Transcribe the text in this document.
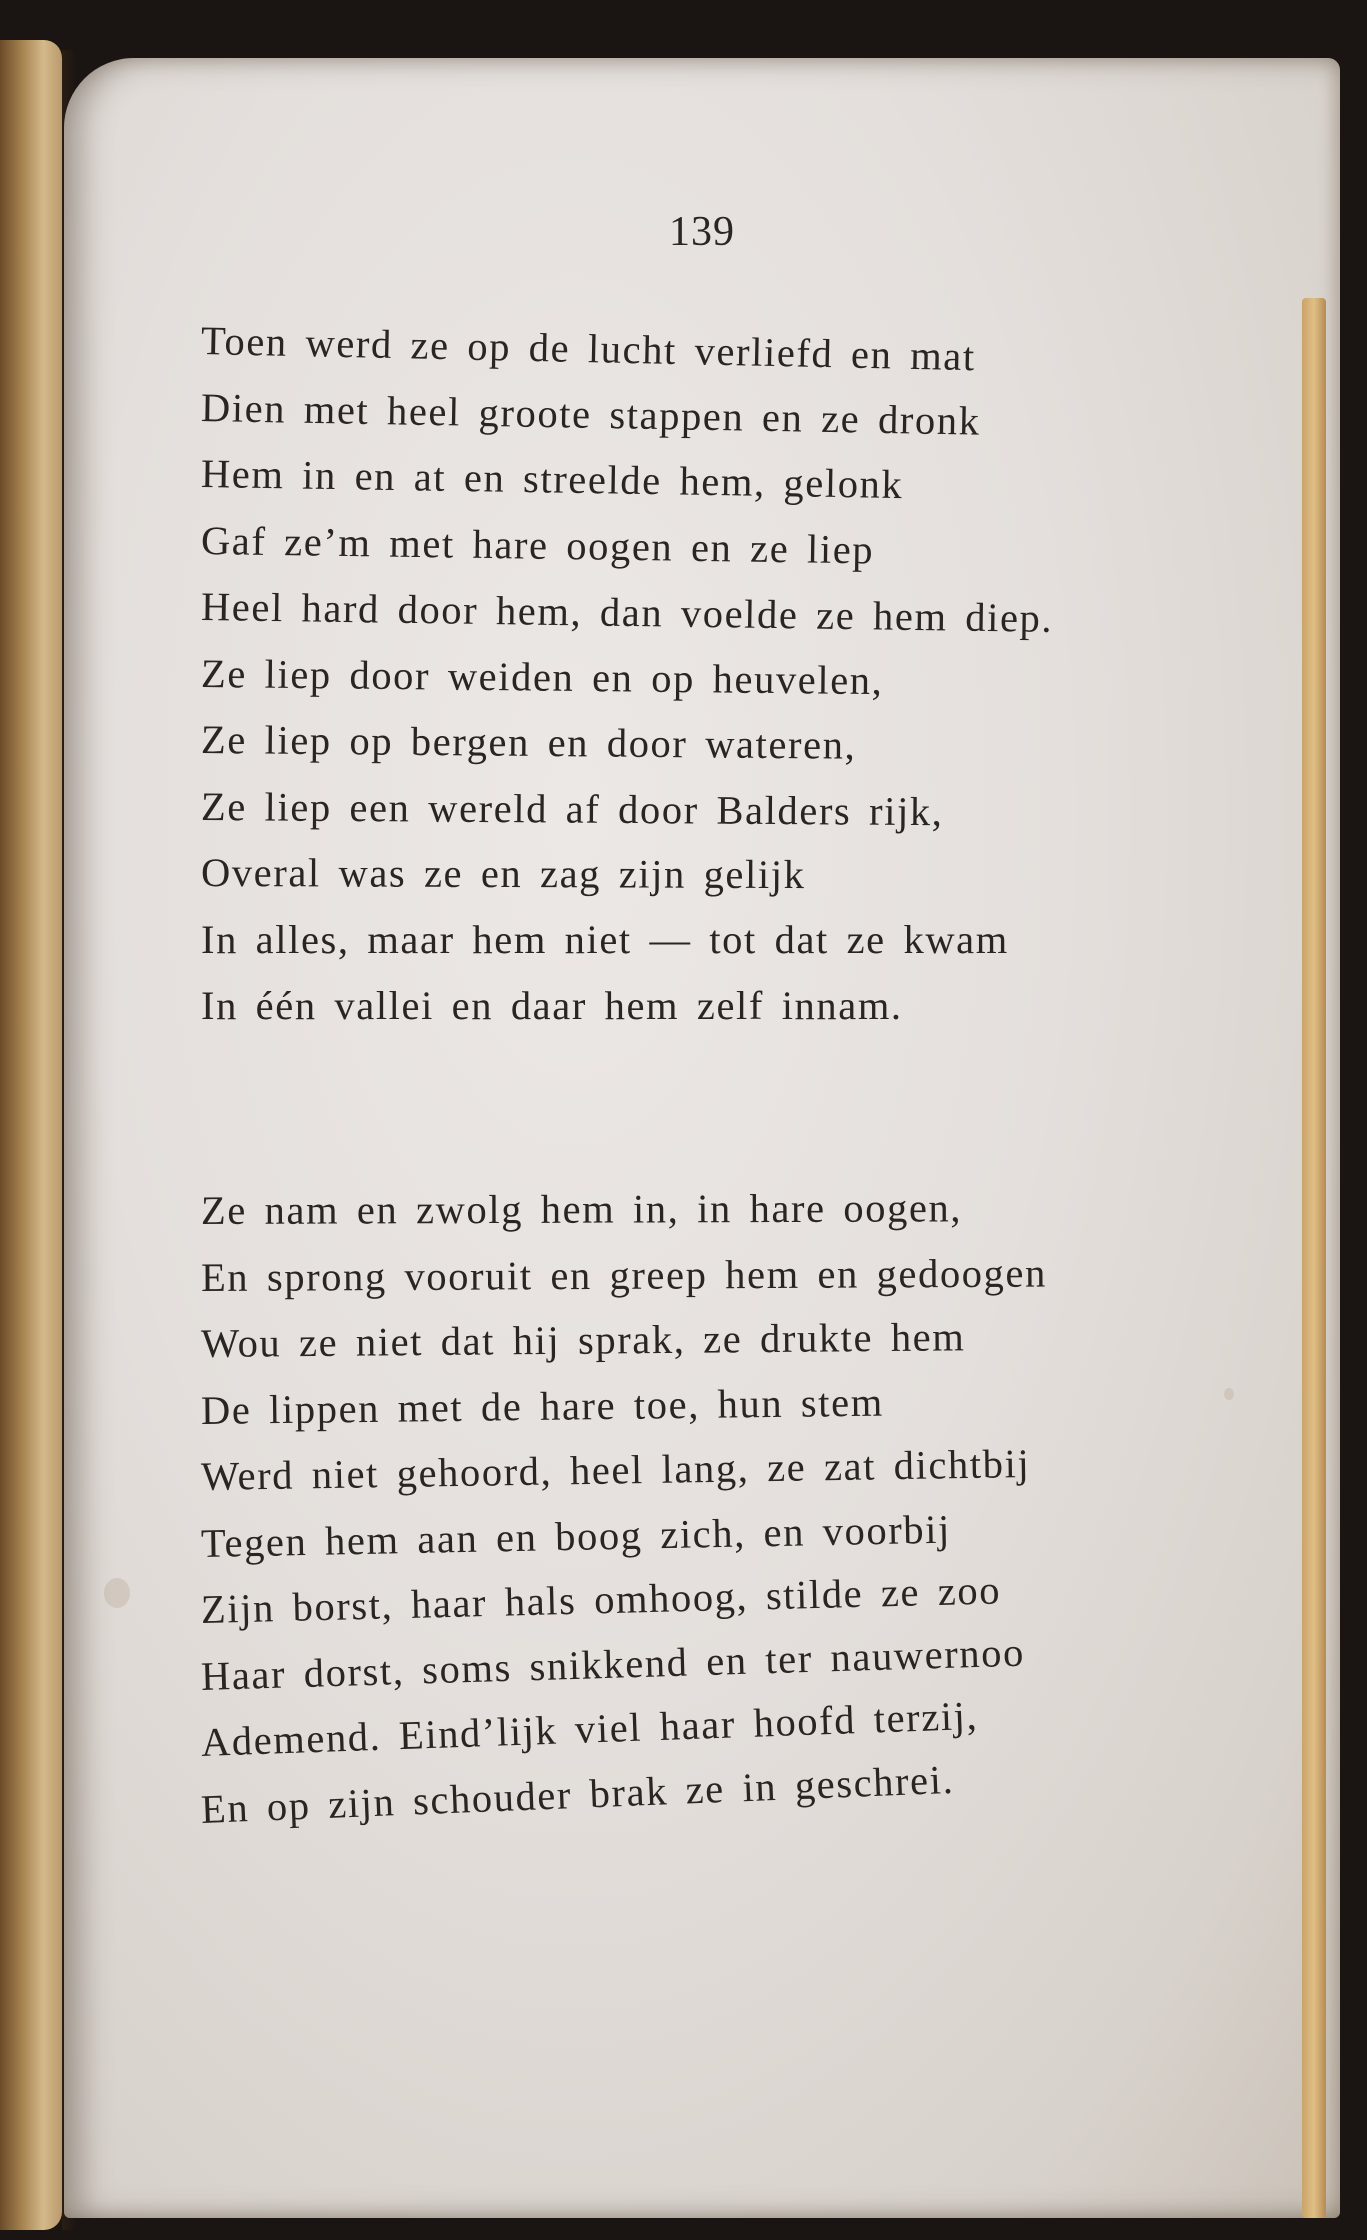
139
Toen werd ze op de lucht verliefd en mat
Dien met heel groote stappen en ze dronk
Hem in en at en streelde hem, gelonk
Gaf ze’m met hare oogen en ze liep
Heel hard door hem, dan voelde ze hem diep.
Ze liep door weiden en op heuvelen,
Ze liep op bergen en door wateren,
Ze liep een wereld af door Balders rijk,
Overal was ze en zag zijn gelijk
In alles, maar hem niet — tot dat ze kwam
In één vallei en daar hem zelf innam.
Ze nam en zwolg hem in, in hare oogen,
En sprong vooruit en greep hem en gedoogen
Wou ze niet dat hij sprak, ze drukte hem
De lippen met de hare toe, hun stem
Werd niet gehoord, heel lang, ze zat dichtbij
Tegen hem aan en boog zich, en voorbij
Zijn borst, haar hals omhoog, stilde ze zoo
Haar dorst, soms snikkend en ter nauwernoo
Ademend. Eind’lijk viel haar hoofd terzij,
En op zijn schouder brak ze in geschrei.
